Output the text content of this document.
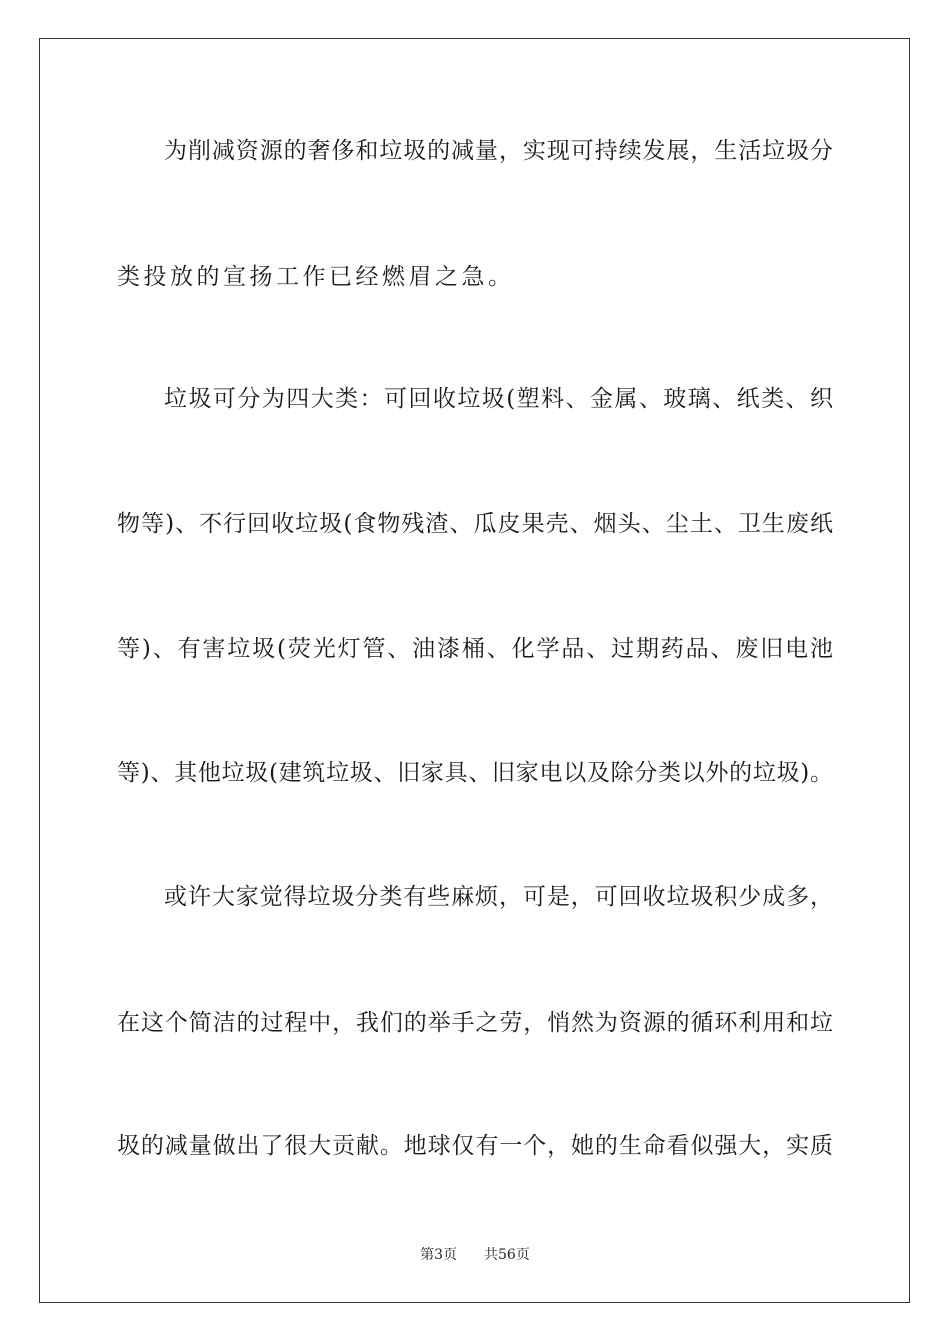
为削减资源的奢侈和垃圾的减量，实现可持续发展，生活垃圾分
类投放的宣扬工作已经燃眉之急。
垃圾可分为四大类：可回收垃圾(塑料、金属、玻璃、纸类、织
物等)、不行回收垃圾(食物残渣、瓜皮果壳、烟头、尘土、卫生废纸
等)、有害垃圾(荧光灯管、油漆桶、化学品、过期药品、废旧电池
等)、其他垃圾(建筑垃圾、旧家具、旧家电以及除分类以外的垃圾)。
或许大家觉得垃圾分类有些麻烦，可是，可回收垃圾积少成多，
在这个简洁的过程中，我们的举手之劳，悄然为资源的循环利用和垃
圾的减量做出了很大贡献。地球仅有一个，她的生命看似强大，实质
第3页 共56页
